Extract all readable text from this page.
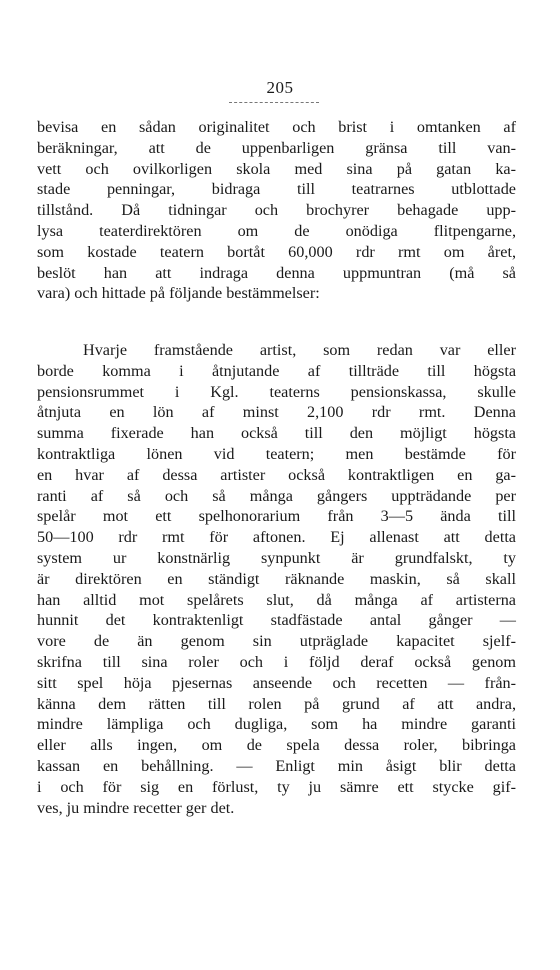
205
bevisa en sådan originalitet och brist i omtanken af
beräkningar, att de uppenbarligen gränsa till van-
vett och ovilkorligen skola med sina på gatan ka-
stade penningar, bidraga till teatrarnes utblottade
tillstånd. Då tidningar och brochyrer behagade upp-
lysa teaterdirektören om de onödiga flitpengarne,
som kostade teatern bortåt 60,000 rdr rmt om året,
beslöt han att indraga denna uppmuntran (må så
vara) och hittade på följande bestämmelser:
Hvarje framstående artist, som redan var eller
borde komma i åtnjutande af tillträde till högsta
pensionsrummet i Kgl. teaterns pensionskassa, skulle
åtnjuta en lön af minst 2,100 rdr rmt. Denna
summa fixerade han också till den möjligt högsta
kontraktliga lönen vid teatern; men bestämde för
en hvar af dessa artister också kontraktligen en ga-
ranti af så och så många gångers uppträdande per
spelår mot ett spelhonorarium från 3—5 ända till
50—100 rdr rmt för aftonen. Ej allenast att detta
system ur konstnärlig synpunkt är grundfalskt, ty
är direktören en ständigt räknande maskin, så skall
han alltid mot spelårets slut, då många af artisterna
hunnit det kontraktenligt stadfästade antal gånger —
vore de än genom sin utpräglade kapacitet sjelf-
skrifna till sina roler och i följd deraf också genom
sitt spel höja pjesernas anseende och recetten — från-
känna dem rätten till rolen på grund af att andra,
mindre lämpliga och dugliga, som ha mindre garanti
eller alls ingen, om de spela dessa roler, bibringa
kassan en behållning. — Enligt min åsigt blir detta
i och för sig en förlust, ty ju sämre ett stycke gif-
ves, ju mindre recetter ger det.
